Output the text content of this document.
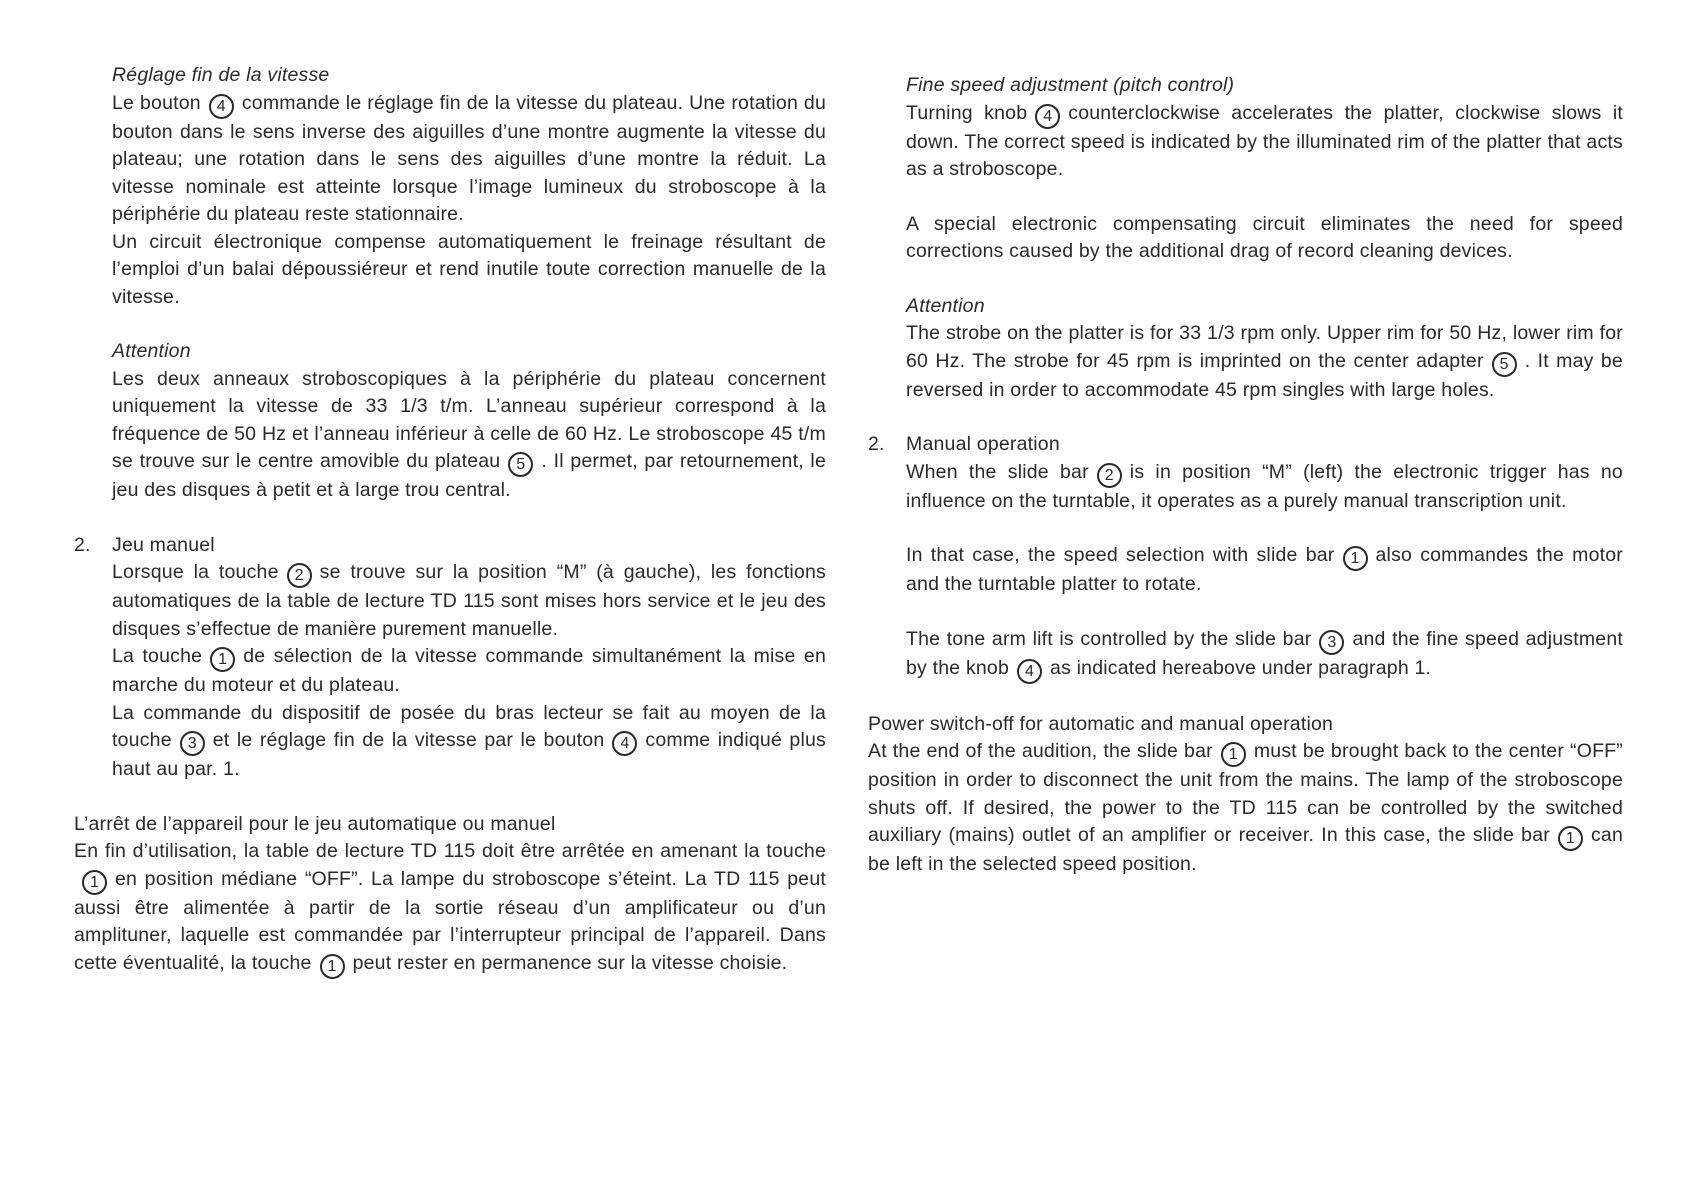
Réglage fin de la vitesse

Le bouton 4 commande le réglage fin de la vitesse du plateau. Une rotation du bouton dans le sens inverse des aiguilles d’une montre augmente la vitesse du plateau; une rotation dans le sens des aiguilles d’une montre la réduit. La vitesse nominale est atteinte lorsque l’image lumineux du stroboscope à la périphérie du plateau reste stationnaire.

Un circuit électronique compense automatiquement le freinage résultant de l’emploi d’un balai dépoussiéreur et rend inutile toute correction manuelle de la vitesse.

Attention

Les deux anneaux stroboscopiques à la périphérie du plateau concernent uniquement la vitesse de 33 1/3 t/m. L’anneau supérieur correspond à la fréquence de 50 Hz et l’anneau inférieur à celle de 60 Hz. Le stroboscope 45 t/m se trouve sur le centre amovible du plateau 5 . Il permet, par retournement, le jeu des disques à petit et à large trou central.

2.	Jeu manuel

Lorsque la touche 2 se trouve sur la position “M” (à gauche), les fonctions automatiques de la table de lecture TD 115 sont mises hors service et le jeu des disques s’effectue de manière purement manuelle.

La touche 1 de sélection de la vitesse commande simultanément la mise en marche du moteur et du plateau.

La commande du dispositif de posée du bras lecteur se fait au moyen de la touche 3 et le réglage fin de la vitesse par le bouton 4 comme indiqué plus haut au par. 1.

L’arrêt de l’appareil pour le jeu automatique ou manuel

En fin d’utilisation, la table de lecture TD 115 doit être arrêtée en amenant la touche1 en position médiane “OFF”. La lampe du stroboscope s’éteint. La TD 115 peut aussi être alimentée à partir de la sortie réseau d’un amplificateur ou d’un amplituner, laquelle est commandée par l’interrupteur principal de l’appareil. Dans cette éventualité, la touche 1 peut rester en permanence sur la vitesse choisie.

Fine speed adjustment (pitch control)

Turning knob 4 counterclockwise accelerates the platter, clockwise slows it down. The correct speed is indicated by the illuminated rim of the platter that acts as a stroboscope.

A special electronic compensating circuit eliminates the need for speed corrections caused by the additional drag of record cleaning devices.

Attention

The strobe on the platter is for 33 1/3 rpm only. Upper rim for 50 Hz, lower rim for 60 Hz. The strobe for 45 rpm is imprinted on the center adapter 5 . It may be reversed in order to accommodate 45 rpm singles with large holes.

2.	Manual operation

When the slide bar 2 is in position “M” (left) the electronic trigger has no influence on the turntable, it operates as a purely manual transcription unit.

In that case, the speed selection with slide bar 1 also commandes the motor and the turntable platter to rotate.

The tone arm lift is controlled by the slide bar 3 and the fine speed adjustment by the knob 4 as indicated hereabove under paragraph 1.

Power switch-off for automatic and manual operation

At the end of the audition, the slide bar 1 must be brought back to the center “OFF” position in order to disconnect the unit from the mains. The lamp of the stroboscope shuts off. If desired, the power to the TD 115 can be controlled by the switched auxiliary (mains) outlet of an amplifier or receiver. In this case, the slide bar 1 can be left in the selected speed position.
